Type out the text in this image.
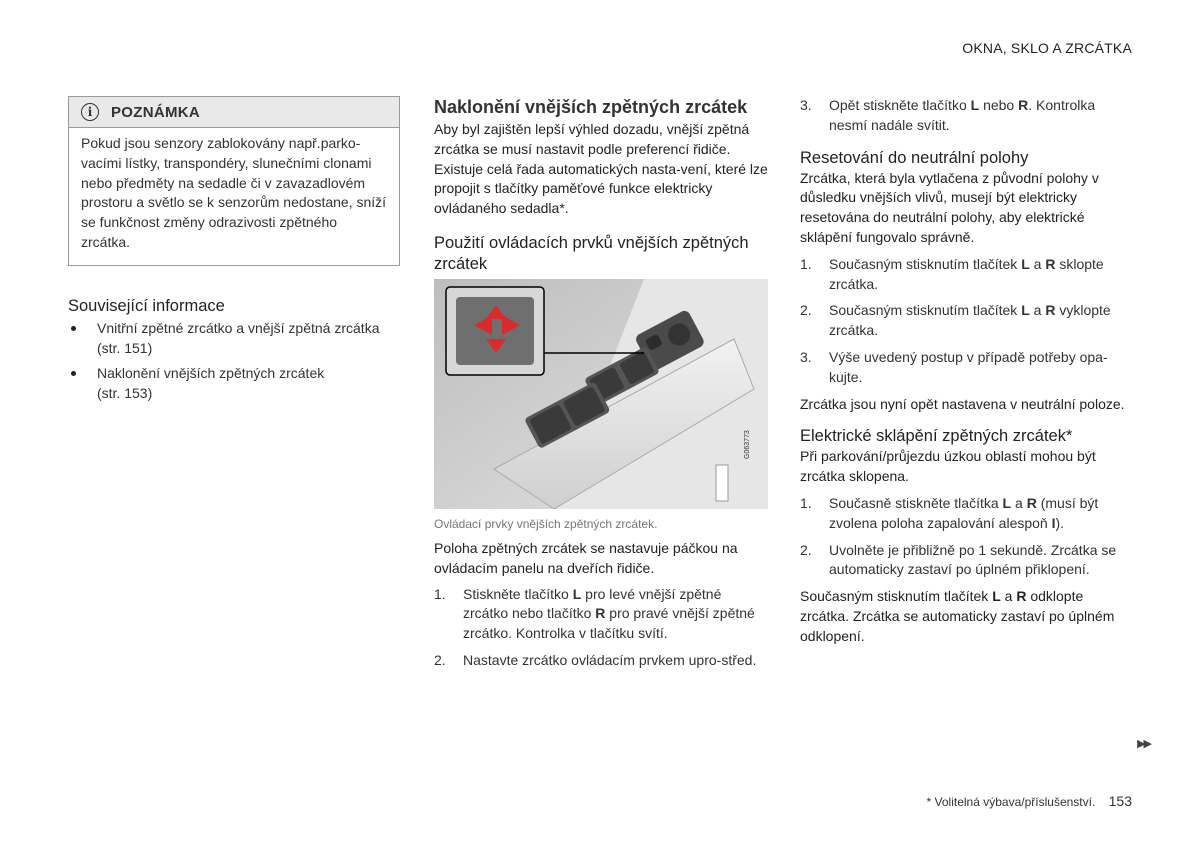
OKNA, SKLO A ZRCÁTKA
i	POZNÁMKA
Pokud jsou senzory zablokovány např.parko-vacími lístky, transpondéry, slunečními clonami nebo předměty na sedadle či v zavazadlovém prostoru a světlo se k senzorům nedostane, sníží se funkčnost změny odrazivosti zpětného zrcátka.
Související informace
Vnitřní zpětné zrcátko a vnější zpětná zrcátka
(str. 151)
Naklonění vnějších zpětných zrcátek
(str. 153)
Naklonění vnějších zpětných zrcátek

Aby byl zajištěn lepší výhled dozadu, vnější zpětná zrcátka se musí nastavit podle preferencí řidiče. Existuje celá řada automatických nasta-vení, které lze propojit s tlačítky paměťové funkce elektricky ovládaného sedadla*.

Použití ovládacích prvků vnějších zpětných zrcátek
G063773
Ovládací prvky vnějších zpětných zrcátek.

Poloha zpětných zrcátek se nastavuje páčkou na ovládacím panelu na dveřích řidiče.

1. Stiskněte tlačítko L pro levé vnější zpětné zrcátko nebo tlačítko R pro pravé vnější zpětné zrcátko. Kontrolka v tlačítku svítí.
2. Nastavte zrcátko ovládacím prvkem upro-střed.
3. Opět stiskněte tlačítko L nebo R. Kontrolka nesmí nadále svítit.
Resetování do neutrální polohy

Zrcátka, která byla vytlačena z původní polohy v důsledku vnějších vlivů, musejí být elektricky resetována do neutrální polohy, aby elektrické sklápění fungovalo správně.

1. Současným stisknutím tlačítek L a R sklopte zrcátka.
2. Současným stisknutím tlačítek L a R vyklopte zrcátka.
3. Výše uvedený postup v případě potřeby opa-kujte.

Zrcátka jsou nyní opět nastavena v neutrální poloze.

Elektrické sklápění zpětných zrcátek*

Při parkování/průjezdu úzkou oblastí mohou být zrcátka sklopena.

1. Současně stiskněte tlačítka L a R (musí být zvolena poloha zapalování alespoň I).
2. Uvolněte je přibližně po 1 sekundě. Zrcátka se automaticky zastaví po úplném přiklopení.

Současným stisknutím tlačítek L a R odklopte zrcátka. Zrcátka se automaticky zastaví po úplném odklopení.

▶▶
* Volitelná výbava/příslušenství. 153
